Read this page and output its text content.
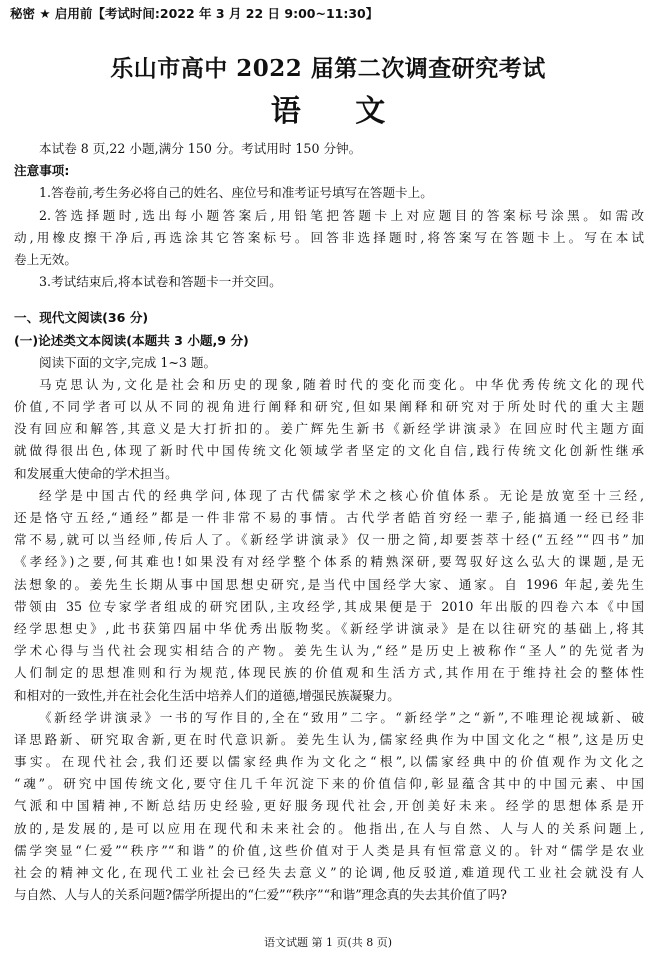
秘密 ★ 启用前【考试时间:2022 年 3 月 22 日 9:00~11:30】
乐山市高中 2022 届第二次调查研究考试
语 文
本试卷 8 页,22 小题,满分 150 分。考试用时 150 分钟。
注意事项:
1.答卷前,考生务必将自己的姓名、座位号和准考证号填写在答题卡上。
2.答选择题时,选出每小题答案后,用铅笔把答题卡上对应题目的答案标号涂黑。如需改
动,用橡皮擦干净后,再选涂其它答案标号。回答非选择题时,将答案写在答题卡上。写在本试
卷上无效。
3.考试结束后,将本试卷和答题卡一并交回。
一、现代文阅读(36 分)
(一)论述类文本阅读(本题共 3 小题,9 分)
阅读下面的文字,完成 1~3 题。
马克思认为,文化是社会和历史的现象,随着时代的变化而变化。中华优秀传统文化的现代
价值,不同学者可以从不同的视角进行阐释和研究,但如果阐释和研究对于所处时代的重大主题
没有回应和解答,其意义是大打折扣的。姜广辉先生新书《新经学讲演录》在回应时代主题方面
就做得很出色,体现了新时代中国传统文化领域学者坚定的文化自信,践行传统文化创新性继承
和发展重大使命的学术担当。
经学是中国古代的经典学问,体现了古代儒家学术之核心价值体系。无论是放宽至十三经,
还是恪守五经,“通经”都是一件非常不易的事情。古代学者皓首穷经一辈子,能搞通一经已经非
常不易,就可以当经师,传后人了。《新经学讲演录》仅一册之简,却要荟萃十经(“五经”“四书”加
《孝经》)之要,何其难也!如果没有对经学整个体系的精熟深研,要驾驭好这么弘大的课题,是无
法想象的。姜先生长期从事中国思想史研究,是当代中国经学大家、通家。自 1996 年起,姜先生
带领由 35 位专家学者组成的研究团队,主攻经学,其成果便是于 2010 年出版的四卷六本《中国
经学思想史》,此书获第四届中华优秀出版物奖。《新经学讲演录》是在以往研究的基础上,将其
学术心得与当代社会现实相结合的产物。姜先生认为,“经”是历史上被称作“圣人”的先觉者为
人们制定的思想准则和行为规范,体现民族的价值观和生活方式,其作用在于维持社会的整体性
和相对的一致性,并在社会化生活中培养人们的道德,增强民族凝聚力。
《新经学讲演录》一书的写作目的,全在“致用”二字。“新经学”之“新”,不唯理论视域新、破
译思路新、研究取舍新,更在时代意识新。姜先生认为,儒家经典作为中国文化之“根”,这是历史
事实。在现代社会,我们还要以儒家经典作为文化之“根”,以儒家经典中的价值观作为文化之
“魂”。研究中国传统文化,要守住几千年沉淀下来的价值信仰,彰显蕴含其中的中国元素、中国
气派和中国精神,不断总结历史经验,更好服务现代社会,开创美好未来。经学的思想体系是开
放的,是发展的,是可以应用在现代和未来社会的。他指出,在人与自然、人与人的关系问题上,
儒学突显“仁爱”“秩序”“和谐”的价值,这些价值对于人类是具有恒常意义的。针对“儒学是农业
社会的精神文化,在现代工业社会已经失去意义”的论调,他反驳道,难道现代工业社会就没有人
与自然、人与人的关系问题?儒学所提出的“仁爱”“秩序”“和谐”理念真的失去其价值了吗?
语文试题 第 1 页(共 8 页)
